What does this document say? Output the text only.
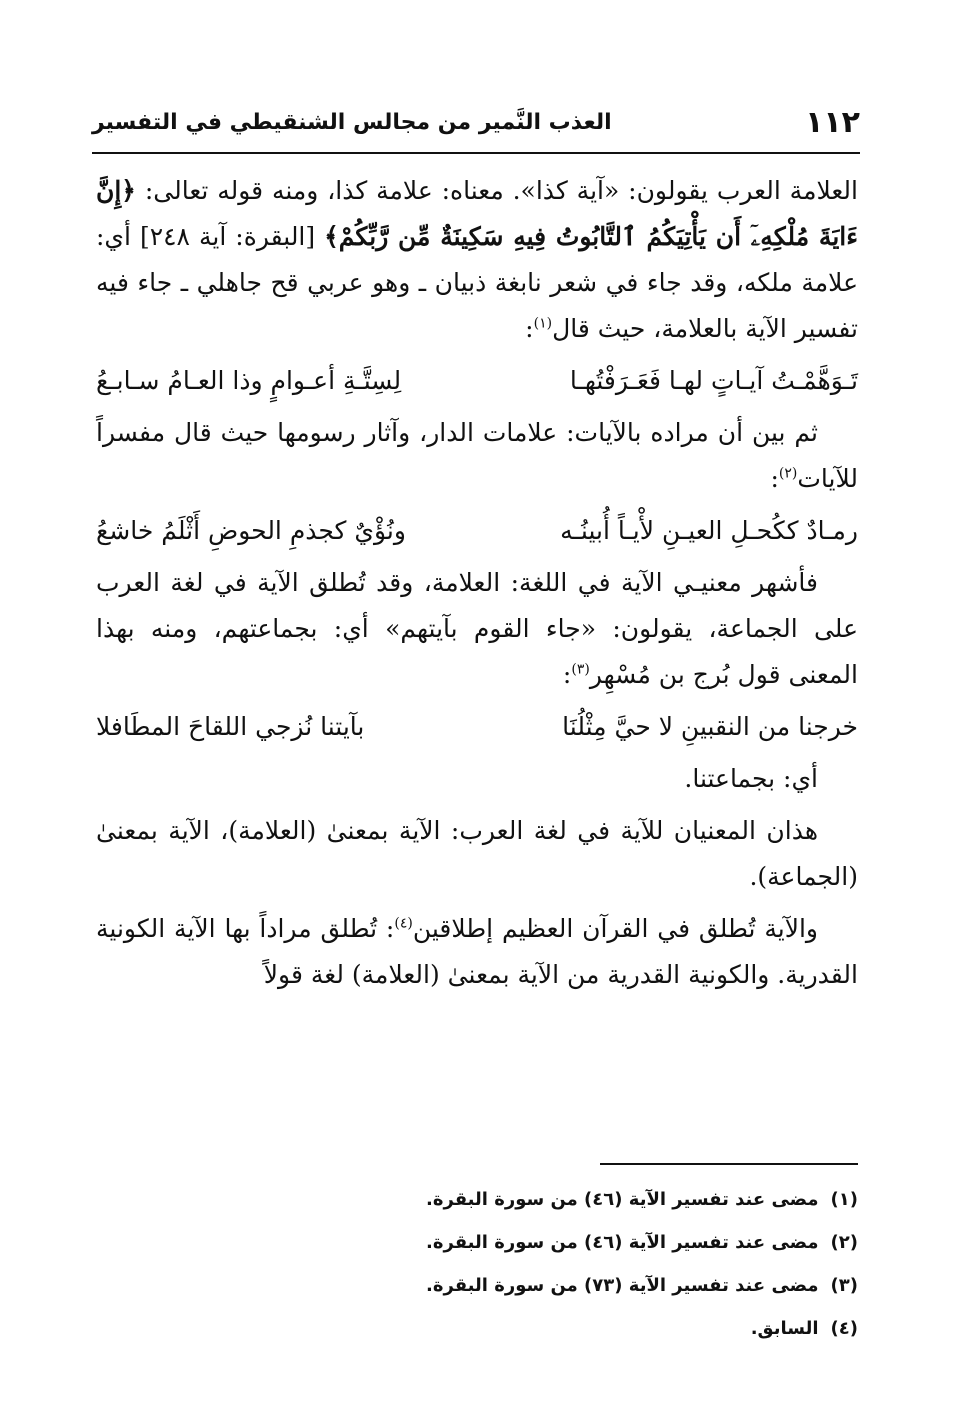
١١٢
العذب النَّمير من مجالس الشنقيطي في التفسير

العلامة العرب يقولون: «آية كذا». معناه: علامة كذا، ومنه قوله تعالى: ﴿إِنَّ ءَايَةَ مُلْكِهِۦٓ أَن يَأْتِيَكُمُ ٱلتَّابُوتُ فِيهِ سَكِينَةٌ مِّن رَّبِّكُمْ﴾ [البقرة: آية ٢٤٨] أي: علامة ملكه، وقد جاء في شعر نابغة ذبيان ـ وهو عربي قح جاهلي ـ جاء فيه تفسير الآية بالعلامة، حيث قال$^{(١)}$:

تَـوَهَّمْـتُ آيـاتٍ لهـا فَعَـرَفْتُهـا
لِسِتَّـةِ أعـوامٍ وذا العـامُ سـابـعُ

ثم بين أن مراده بالآيات: علامات الدار، وآثار رسومها حيث قال مفسراً للآيات$^{(٢)}$:

رمـادٌ ككُحـلِ العيـنِ لأْيـاً أُبينُـه
ونُؤْيٌ كجذمِ الحوضِ أَثْلَمُ خاشعُ

فأشهر معنيـي الآية في اللغة: العلامة، وقد تُطلق الآية في لغة العرب على الجماعة، يقولون: «جاء القوم بآيتهم» أي: بجماعتهم، ومنه بهذا المعنى قول بُرج بن مُسْهِر$^{(٣)}$:

خرجنا من النقبينِ لا حيَّ مِثْلُنَا
بآيتنا نُزجي اللقاحَ المطَافلا

أي: بجماعتنا.

هذان المعنيان للآية في لغة العرب: الآية بمعنىٰ (العلامة)، الآية بمعنىٰ (الجماعة).

والآية تُطلق في القرآن العظيم إطلاقين$^{(٤)}$: تُطلق مراداً بها الآية الكونية القدرية. والكونية القدرية من الآية بمعنىٰ (العلامة) لغة قولاً

(١)مضى عند تفسير الآية (٤٦) من سورة البقرة.
(٢)مضى عند تفسير الآية (٤٦) من سورة البقرة.
(٣)مضى عند تفسير الآية (٧٣) من سورة البقرة.
(٤)السابق.
